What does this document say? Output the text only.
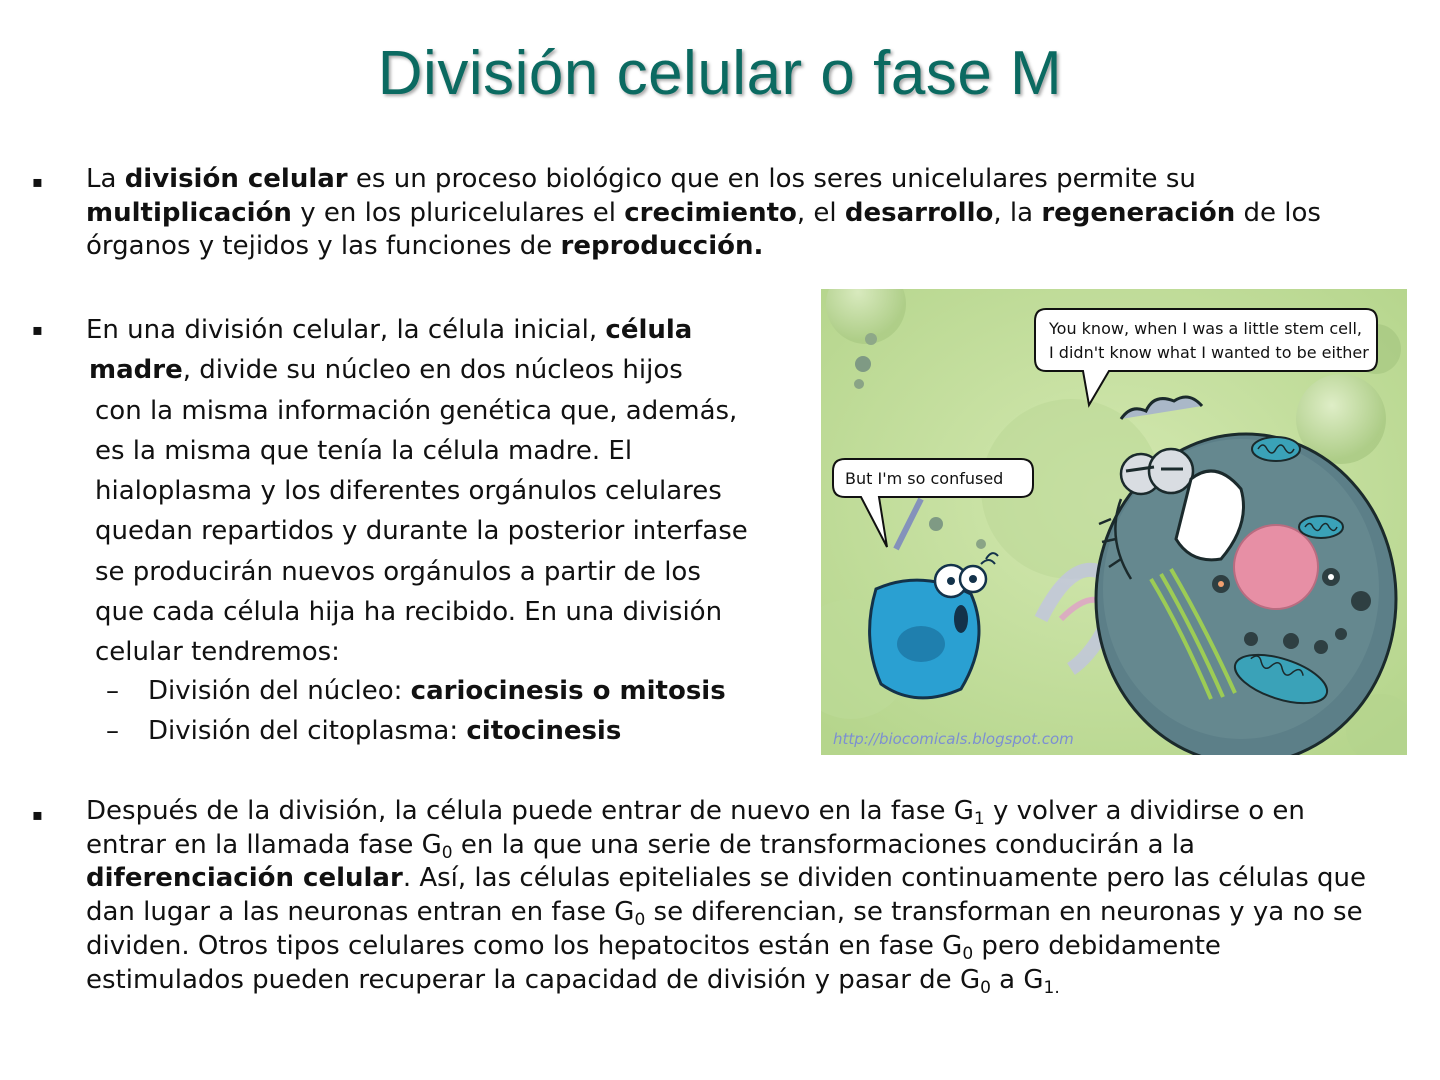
División celular o fase M
▪ La división celular es un proceso biológico que en los seres unicelulares permite su multiplicación y en los pluricelulares el crecimiento, el desarrollo, la regeneración de los órganos y tejidos y las funciones de reproducción.
▪ En una división celular, la célula inicial, célula
madre, divide su núcleo en dos núcleos hijos
con la misma información genética que, además,
es la misma que tenía la célula madre. El
hialoplasma y los diferentes orgánulos celulares
quedan repartidos y durante la posterior interfase
se producirán nuevos orgánulos a partir de los
que cada célula hija ha recibido. En una división
celular tendremos:
– División del núcleo: cariocinesis o mitosis
– División del citoplasma: citocinesis
You know, when I was a little stem cell,
I didn't know what I wanted to be either
But I'm so confused
http://biocomicals.blogspot.com
▪ Después de la división, la célula puede entrar de nuevo en la fase $G_1$ y volver a dividirse o en entrar en la llamada fase $G_0$ en la que una serie de transformaciones conducirán a la diferenciación celular. Así, las células epiteliales se dividen continuamente pero las células que dan lugar a las neuronas entran en fase $G_0$ se diferencian, se transforman en neuronas y ya no se dividen. Otros tipos celulares como los hepatocitos están en fase $G_0$ pero debidamente estimulados pueden recuperar la capacidad de división y pasar de $G_0$ a $G_{1.}$
